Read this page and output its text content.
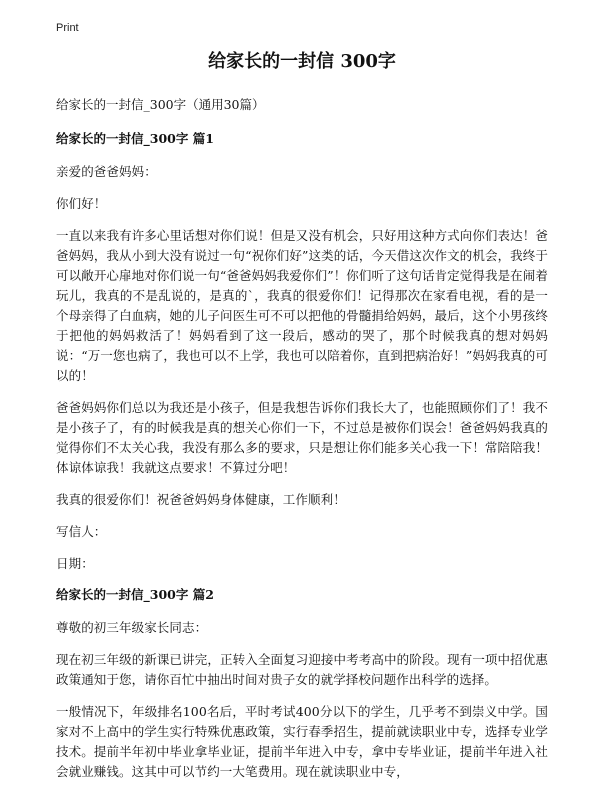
Print
给家长的一封信 300字
给家长的一封信_300字（通用30篇）
给家长的一封信_300字 篇1
亲爱的爸爸妈妈：
你们好！
一直以来我有许多心里话想对你们说！但是又没有机会，只好用这种方式向你们表达！爸爸妈妈，我从小到大没有说过一句“祝你们好”这类的话，今天借这次作文的机会，我终于可以敞开心扉地对你们说一句“爸爸妈妈我爱你们”！你们听了这句话肯定觉得我是在闹着玩儿，我真的不是乱说的，是真的`，我真的很爱你们！记得那次在家看电视，看的是一个母亲得了白血病，她的儿子问医生可不可以把他的骨髓捐给妈妈，最后，这个小男孩终于把他的妈妈救活了！妈妈看到了这一段后，感动的哭了，那个时候我真的想对妈妈说：“万一您也病了，我也可以不上学，我也可以陪着你，直到把病治好！”妈妈我真的可以的！
爸爸妈妈你们总以为我还是小孩子，但是我想告诉你们我长大了，也能照顾你们了！我不是小孩子了，有的时候我是真的想关心你们一下，不过总是被你们误会！爸爸妈妈我真的觉得你们不太关心我，我没有那么多的要求，只是想让你们能多关心我一下！常陪陪我！体谅体谅我！我就这点要求！不算过分吧！
我真的很爱你们！祝爸爸妈妈身体健康，工作顺利！
写信人：
日期：
给家长的一封信_300字 篇2
尊敬的初三年级家长同志：
现在初三年级的新课已讲完，正转入全面复习迎接中考考高中的阶段。现有一项中招优惠政策通知于您，请你百忙中抽出时间对贵子女的就学择校问题作出科学的选择。
一般情况下，年级排名100名后，平时考试400分以下的学生，几乎考不到崇义中学。国家对不上高中的学生实行特殊优惠政策，实行春季招生，提前就读职业中专，选择专业学技术。提前半年初中毕业拿毕业证，提前半年进入中专，拿中专毕业证，提前半年进入社会就业赚钱。这其中可以节约一大笔费用。现在就读职业中专，
